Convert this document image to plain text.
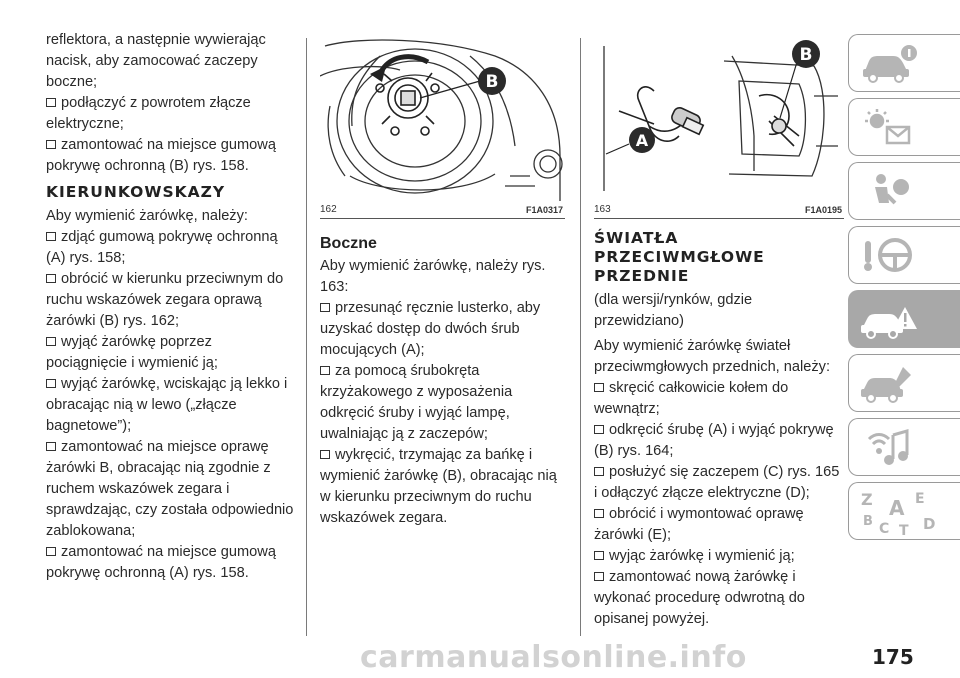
reflektora, a następnie wywierając nacisk, aby zamocować zaczepy boczne;

podłączyć z powrotem złącze elektryczne;

zamontować na miejsce gumową pokrywę ochronną (B) rys. 158.

KIERUNKOWSKAZY

Aby wymienić żarówkę, należy:

zdjąć gumową pokrywę ochronną (A) rys. 158;

obrócić w kierunku przeciwnym do ruchu wskazówek zegara oprawą żarówki (B) rys. 162;

wyjąć żarówkę poprzez pociągnięcie i wymienić ją;

wyjąć żarówkę, wciskając ją lekko i obracając nią w lewo („złącze bagnetowe”);

zamontować na miejsce oprawę żarówki B, obracając nią zgodnie z ruchem wskazówek zegara i sprawdzając, czy została odpowiednio zablokowana;

zamontować na miejsce gumową pokrywę ochronną (A) rys. 158.

B
162	F1A0317

Boczne

Aby wymienić żarówkę, należy rys. 163:

przesunąć ręcznie lusterko, aby uzyskać dostęp do dwóch śrub mocujących (A);

za pomocą śrubokręta krzyżakowego z wyposażenia odkręcić śruby i wyjąć lampę, uwalniając ją z zaczepów;

wykręcić, trzymając za bańkę i wymienić żarówkę (B), obracając nią w kierunku przeciwnym do ruchu wskazówek zegara.

A
B
163	F1A0195

ŚWIATŁA
PRZECIWMGŁOWE
PRZEDNIE

(dla wersji/rynków, gdzie przewidziano)

Aby wymienić żarówkę świateł przeciwmgłowych przednich, należy:

skręcić całkowicie kołem do wewnątrz;

odkręcić śrubę (A) i wyjąć pokrywę (B) rys. 164;

posłużyć się zaczepem (C) rys. 165 i odłączyć złącze elektryczne (D);

obrócić i wymontować oprawę żarówki (E);

wyjąc żarówkę i wymienić ją;

zamontować nową żarówkę i wykonać procedurę odwrotną do opisanej powyżej.

Z	E
A
B C T D
carmanualsonline.info	175
